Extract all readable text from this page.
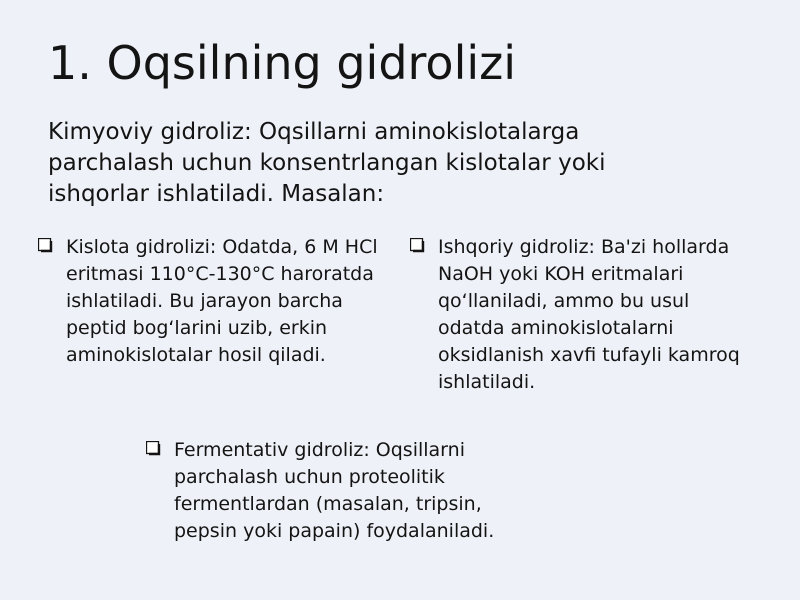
1. Oqsilning gidrolizi
Kimyoviy gidroliz: Oqsillarni aminokislotalarga parchalash uchun konsentrlangan kislotalar yoki ishqorlar ishlatiladi. Masalan:
Kislota gidrolizi: Odatda, 6 M HCl eritmasi 110°C-130°C haroratda ishlatiladi. Bu jarayon barcha peptid bogʻlarini uzib, erkin aminokislotalar hosil qiladi.
Ishqoriy gidroliz: Ba'zi hollarda NaOH yoki KOH eritmalari qoʻllaniladi, ammo bu usul odatda aminokislotalarni oksidlanish xavfi tufayli kamroq ishlatiladi.
Fermentativ gidroliz: Oqsillarni parchalash uchun proteolitik fermentlardan (masalan, tripsin, pepsin yoki papain) foydalaniladi.
